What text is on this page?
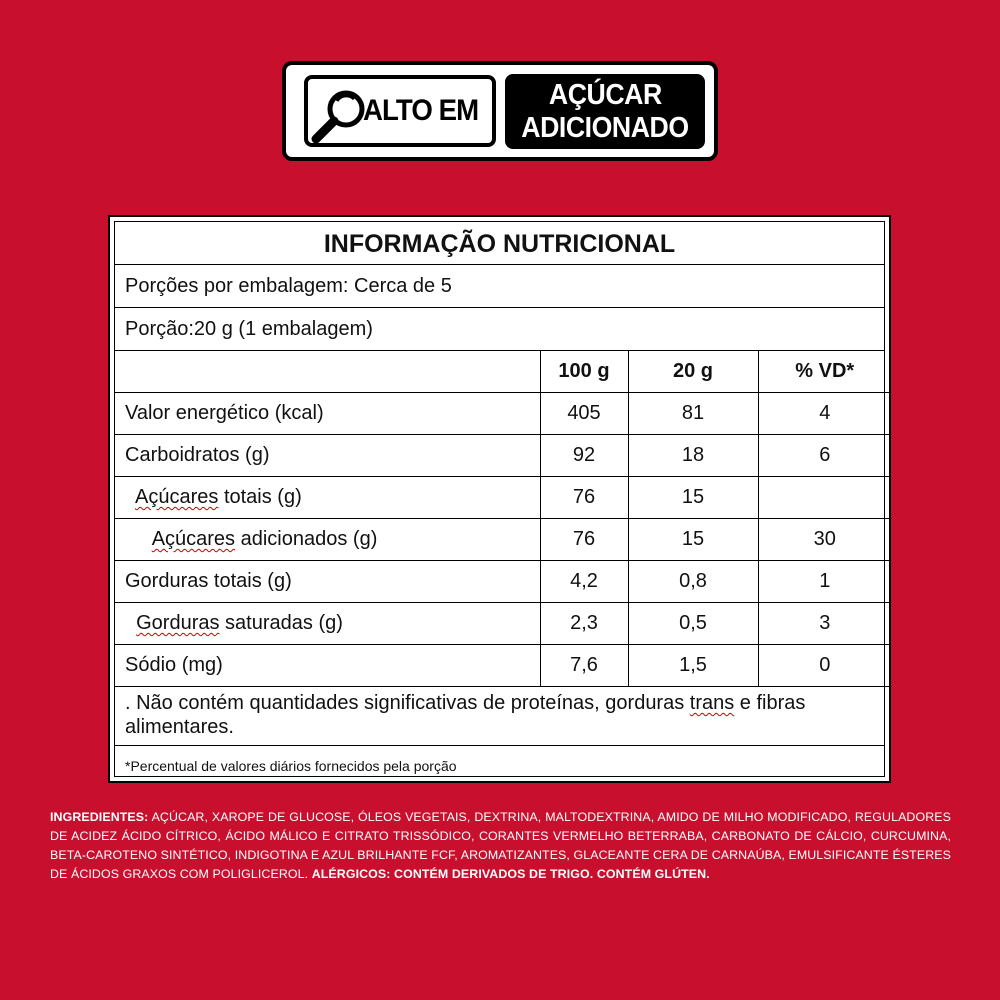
ALTO EM AÇÚCAR
ADICIONADO
INFORMAÇÃO NUTRICIONAL
Porções por embalagem: Cerca de 5
Porção:20 g (1 embalagem)
	100 g	20 g	% VD*
Valor energético (kcal)	405	81	4
Carboidratos (g)	92	18	6
Açúcares totais (g)	76	15	
Açúcares adicionados (g)	76	15	30
Gorduras totais (g)	4,2	0,8	1
Gorduras saturadas (g)	2,3	0,5	3
Sódio (mg)	7,6	1,5	0
. Não contém quantidades significativas de proteínas, gorduras trans e fibras alimentares.
*Percentual de valores diários fornecidos pela porção
INGREDIENTES: AÇÚCAR, XAROPE DE GLUCOSE, ÓLEOS VEGETAIS, DEXTRINA, MALTODEXTRINA, AMIDO DE MILHO MODIFICADO, REGULADORES DE ACIDEZ ÁCIDO CÍTRICO, ÁCIDO MÁLICO E CITRATO TRISSÓDICO, CORANTES VERMELHO BETERRABA, CARBONATO DE CÁLCIO, CURCUMINA, BETA-CAROTENO SINTÉTICO, INDIGOTINA E AZUL BRILHANTE FCF, AROMATIZANTES, GLACEANTE CERA DE CARNAÚBA, EMULSIFICANTE ÉSTERES DE ÁCIDOS GRAXOS COM POLIGLICEROL. ALÉRGICOS: CONTÉM DERIVADOS DE TRIGO. CONTÉM GLÚTEN.
